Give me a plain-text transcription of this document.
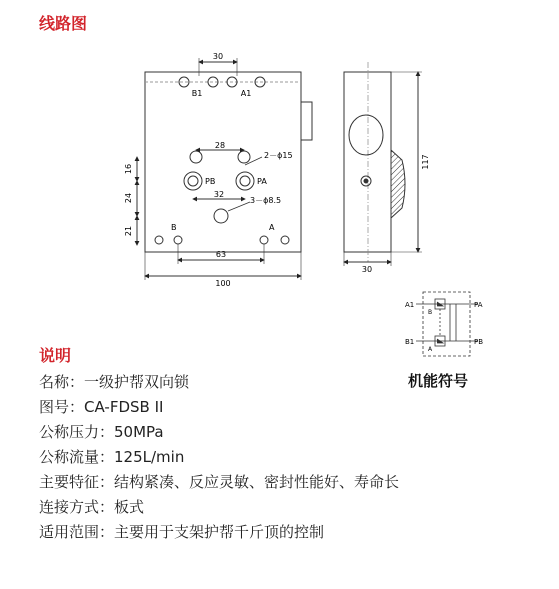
线路图
30
B1	A1
28
2－ϕ15
PB	PA
32
3－ϕ8.5
B	A
16
24
21
63
100
117
30
A1
B1
PA
PB
B
A
说明
机能符号
名称：一级护帮双向锁
图号：CA-FDSB II
公称压力：50MPa
公称流量：125L/min
主要特征：结构紧凑、反应灵敏、密封性能好、寿命长
连接方式：板式
适用范围：主要用于支架护帮千斤顶的控制
